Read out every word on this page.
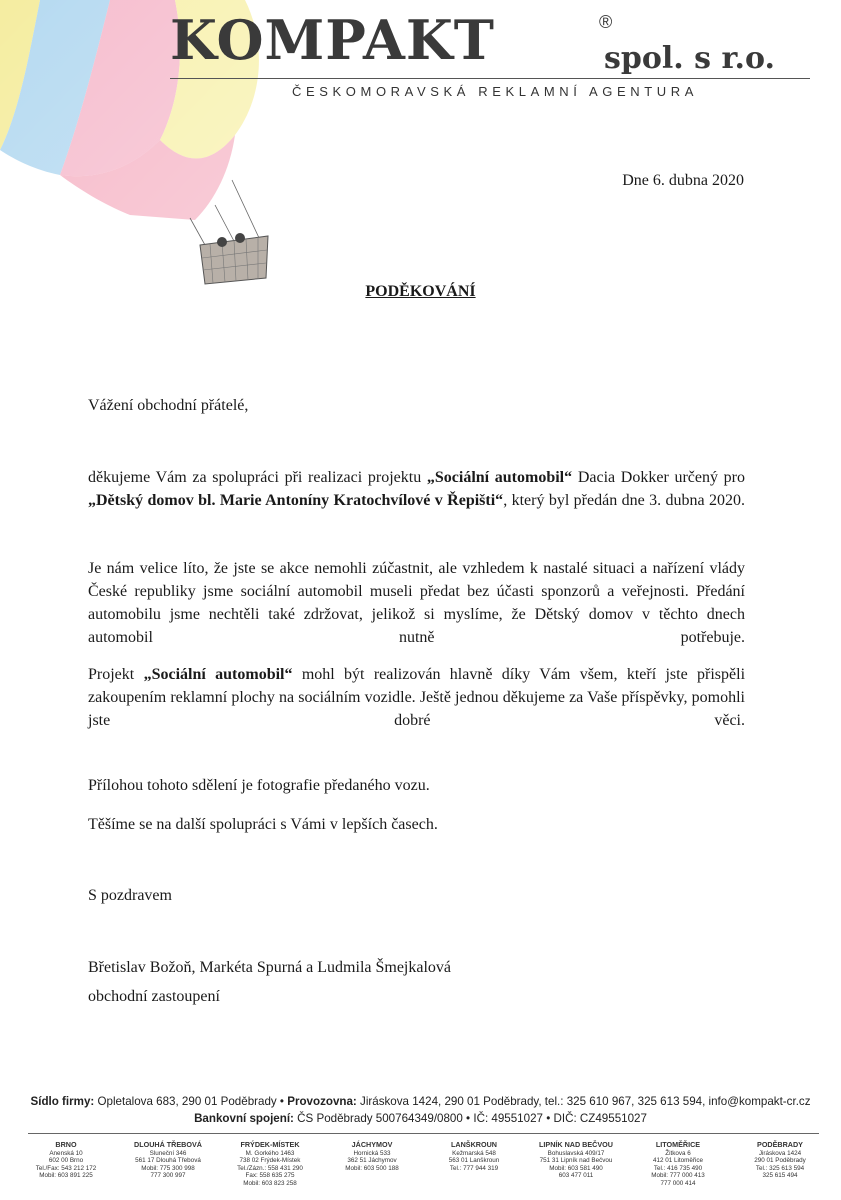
KOMPAKT	®
spol. s r.o.
ČESKOMORAVSKÁ REKLAMNÍ AGENTURA
Dne 6. dubna 2020
PODĚKOVÁNÍ
Vážení obchodní přátelé,
děkujeme Vám za spolupráci při realizaci projektu „Sociální automobil“ Dacia Dokker určený pro „Dětský domov bl. Marie Antoníny Kratochvílové v Řepišti“, který byl předán dne 3. dubna 2020.
Je nám velice líto, že jste se akce nemohli zúčastnit, ale vzhledem k nastalé situaci a nařízení vlády České republiky jsme sociální automobil museli předat bez účasti sponzorů a veřejnosti. Předání automobilu jsme nechtěli také zdržovat, jelikož si myslíme, že Dětský domov v těchto dnech automobil nutně potřebuje.
Projekt „Sociální automobil“ mohl být realizován hlavně díky Vám všem, kteří jste přispěli zakoupením reklamní plochy na sociálním vozidle. Ještě jednou děkujeme za Vaše příspěvky, pomohli jste dobré věci.
Přílohou tohoto sdělení je fotografie předaného vozu.
Těšíme se na další spolupráci s Vámi v lepších časech.
S pozdravem
Břetislav Božoň, Markéta Spurná a Ludmila Šmejkalová
obchodní zastoupení
Sídlo firmy: Opletalova 683, 290 01 Poděbrady • Provozovna: Jiráskova 1424, 290 01 Poděbrady, tel.: 325 610 967, 325 613 594, info@kompakt-cr.cz
Bankovní spojení: ČS Poděbrady 500764349/0800 • IČ: 49551027 • DIČ: CZ49551027
BRNO
Anenská 10
602 00 Brno
Tel./Fax: 543 212 172
Mobil: 603 891 225
DLOUHÁ TŘEBOVÁ
Sluneční 346
561 17 Dlouhá Třebová
Mobil: 775 300 998
777 300 997
FRÝDEK-MÍSTEK
M. Gorkého 1463
738 02 Frýdek-Místek
Tel./Zázn.: 558 431 290
Fax: 558 635 275
Mobil: 603 823 258
JÁCHYMOV
Hornická 533
362 51 Jáchymov
Mobil: 603 500 188
LANŠKROUN
Kežmarská 548
563 01 Lanškroun
Tel.: 777 944 319
LIPNÍK NAD BEČVOU
Bohuslavská 409/17
751 31 Lipník nad Bečvou
Mobil: 603 581 490
603 477 011
LITOMĚŘICE
Žitkova 6
412 01 Litoměřice
Tel.: 416 735 490
Mobil: 777 000 413
777 000 414
PODĚBRADY
Jiráskova 1424
290 01 Poděbrady
Tel.: 325 613 594
325 615 494
